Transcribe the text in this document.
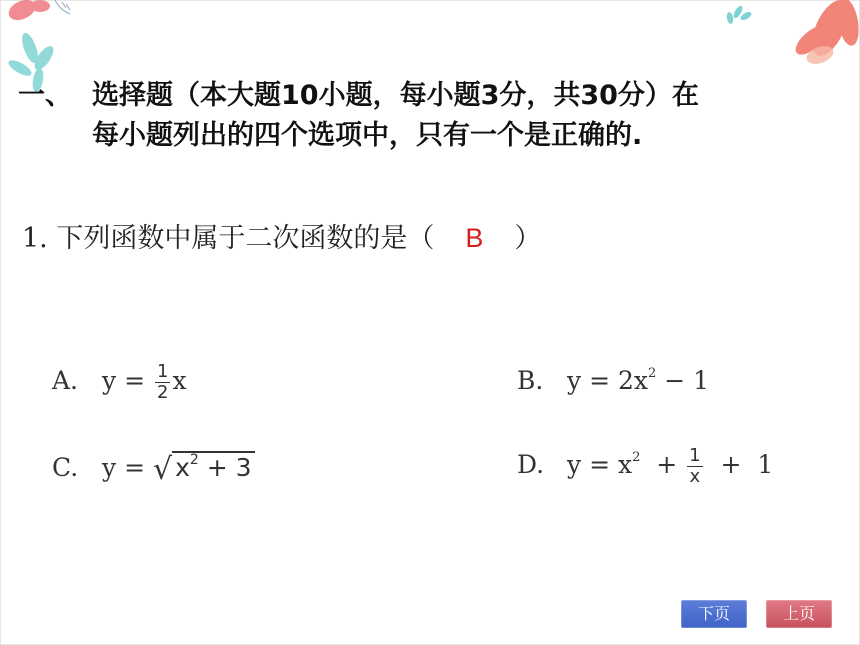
一、 选择题（本大题10小题，每小题3分，共30分）在
每小题列出的四个选项中，只有一个是正确的.
1. 下列函数中属于二次函数的是（ B ）
A. $y = \frac{1}{2}$ x	B. $y = 2x^2 - 1$
C. y = √ $x^2 + 3$	D. $y = x^2 + \frac{1}{x} + 1$
下页	上页
